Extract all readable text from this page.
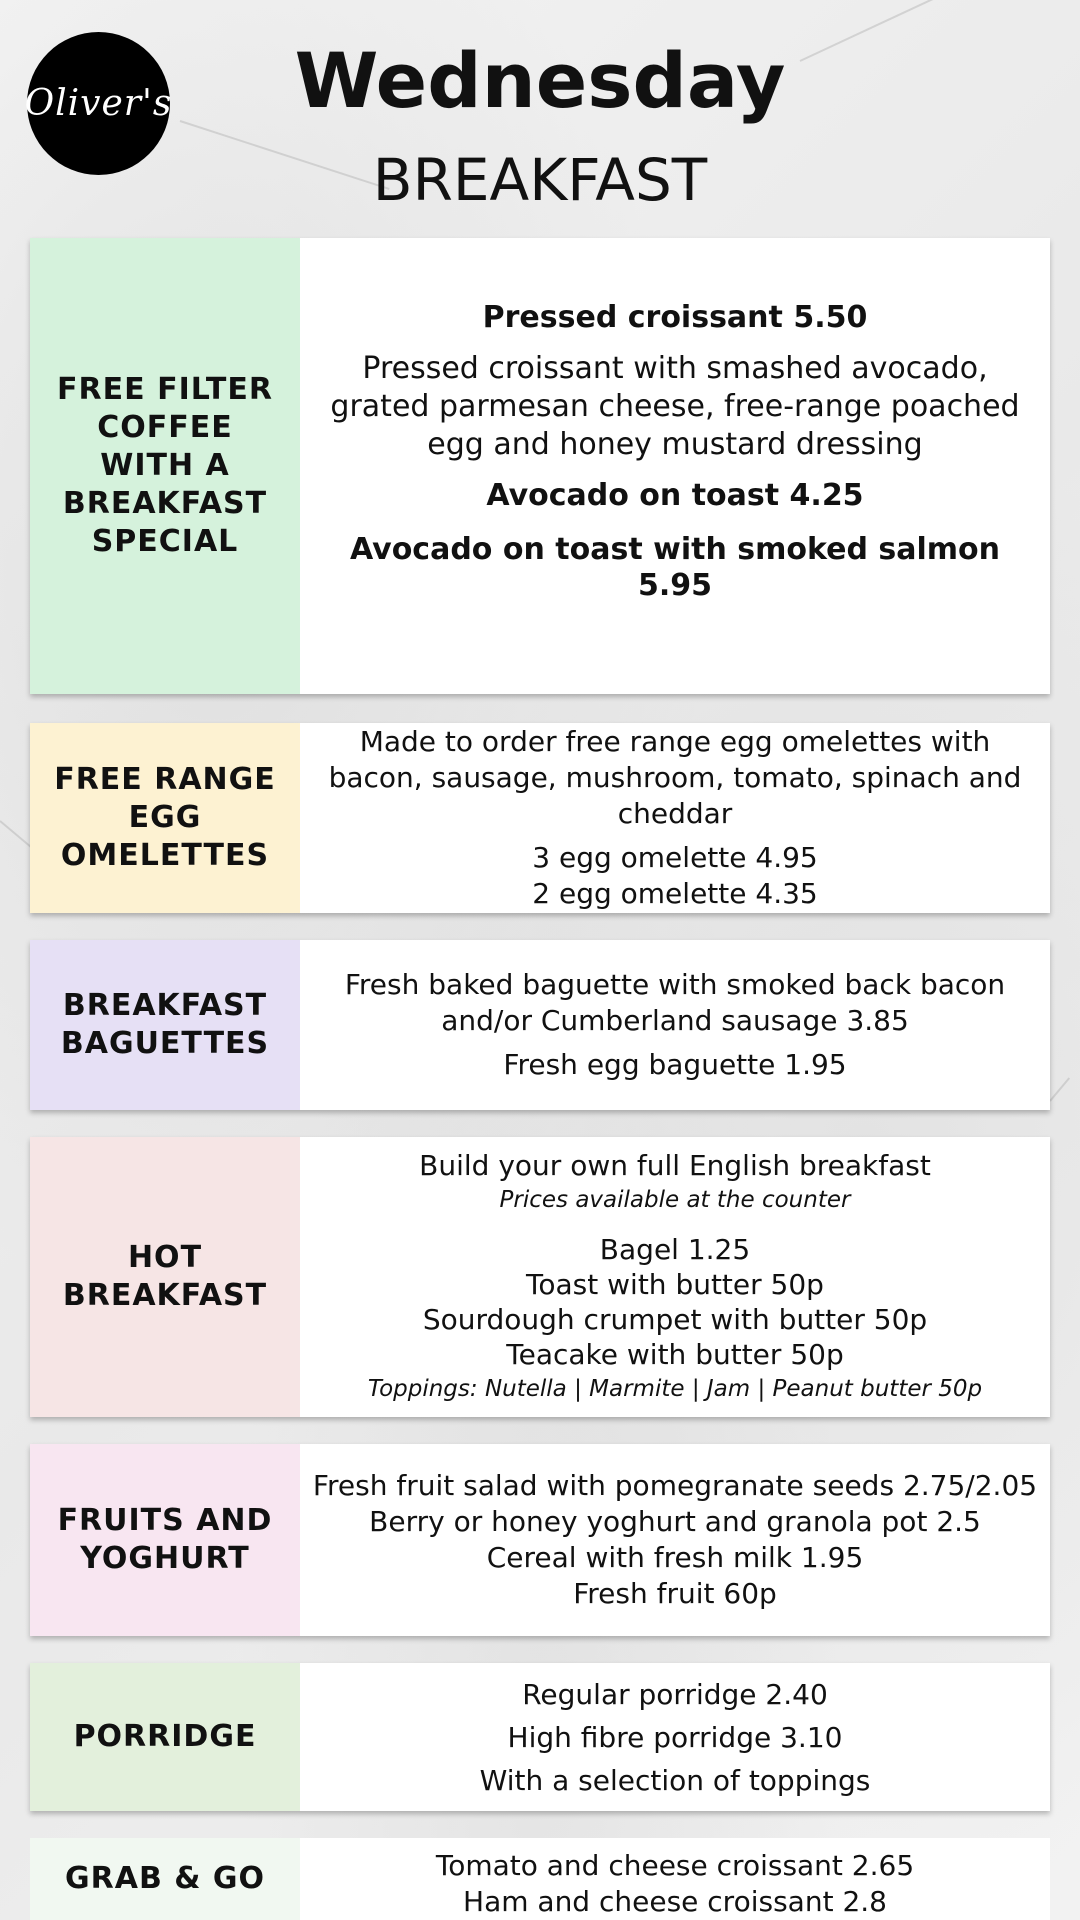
Oliver's	Wednesday
BREAKFAST
FREE FILTER
COFFEE
WITH A
BREAKFAST
SPECIAL
Pressed croissant 5.50
Pressed croissant with smashed avocado, grated parmesan cheese, free-range poached egg and honey mustard dressing
Avocado on toast 4.25
Avocado on toast with smoked salmon 5.95
FREE RANGE
EGG
OMELETTES
Made to order free range egg omelettes with bacon, sausage, mushroom, tomato, spinach and cheddar
3 egg omelette 4.95
2 egg omelette 4.35
BREAKFAST
BAGUETTES
Fresh baked baguette with smoked back bacon and/or Cumberland sausage 3.85
Fresh egg baguette 1.95
HOT
BREAKFAST
Build your own full English breakfast
Prices available at the counter
Bagel 1.25
Toast with butter 50p
Sourdough crumpet with butter 50p
Teacake with butter 50p
Toppings: Nutella | Marmite | Jam | Peanut butter 50p
FRUITS AND
YOGHURT
Fresh fruit salad with pomegranate seeds 2.75/2.05
Berry or honey yoghurt and granola pot 2.5
Cereal with fresh milk 1.95
Fresh fruit 60p
PORRIDGE
Regular porridge 2.40
High fibre porridge 3.10
With a selection of toppings
GRAB & GO	Tomato and cheese croissant 2.65
Ham and cheese croissant 2.8
